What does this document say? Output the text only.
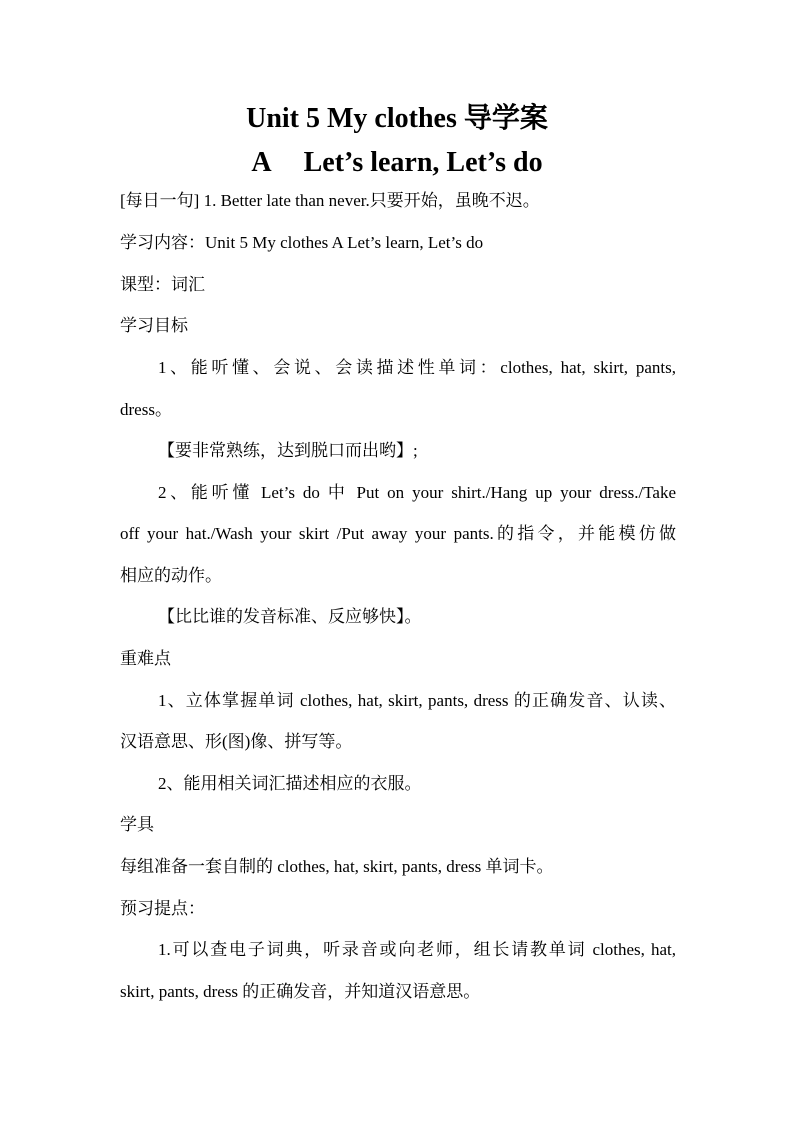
Unit 5 My clothes 导学案
A Let’s learn, Let’s do
[每日一句] 1. Better late than never.只要开始，虽晚不迟。
学习内容：Unit 5 My clothes A Let’s learn, Let’s do
课型：词汇
学习目标
1、能听懂、会说、会读描述性单词：clothes, hat, skirt, pants,
dress。
【要非常熟练，达到脱口而出哟】;
2、能听懂 Let’s do 中 Put on your shirt./Hang up your dress./Take
off your hat./Wash your skirt /Put away your pants.的指令，并能模仿做
相应的动作。
【比比谁的发音标准、反应够快】。
重难点
1、立体掌握单词 clothes, hat, skirt, pants, dress 的正确发音、认读、
汉语意思、形(图)像、拼写等。
2、能用相关词汇描述相应的衣服。
学具
每组准备一套自制的 clothes, hat, skirt, pants, dress 单词卡。
预习提点：
1.可以查电子词典，听录音或向老师，组长请教单词 clothes, hat,
skirt, pants, dress 的正确发音，并知道汉语意思。
